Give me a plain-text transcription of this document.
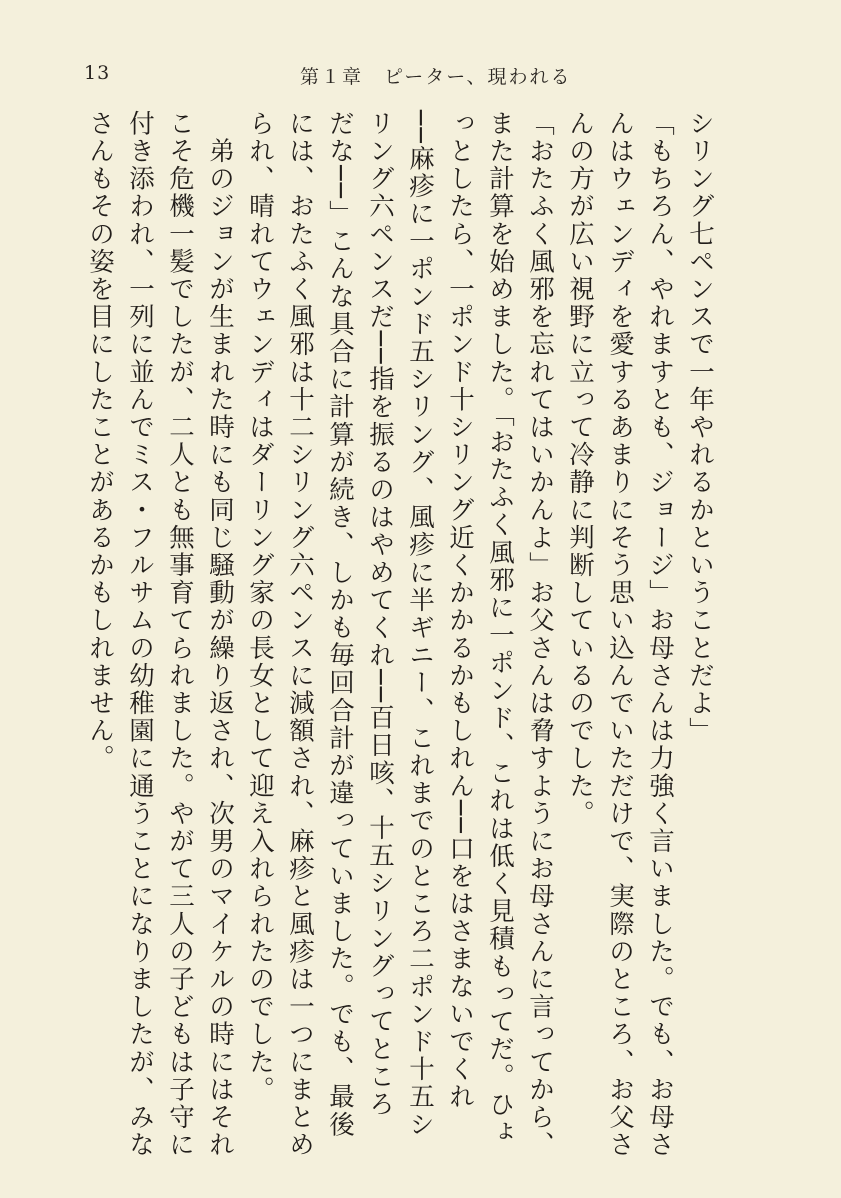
13	第１章　ピーター、現われる
シリング七ペンスで一年やれるかということだよ」
「もちろん、やれますとも、ジョージ」お母さんは力強く言いました。でも、お母さ
んはウェンディを愛するあまりにそう思い込んでいただけで、実際のところ、お父さ
んの方が広い視野に立って冷静に判断しているのでした。
「おたふく風邪を忘れてはいかんよ」お父さんは脅すようにお母さんに言ってから、
また計算を始めました。「おたふく風邪に一ポンド、これは低く見積もってだ。ひょ
っとしたら、一ポンド十シリング近くかかるかもしれん──口をはさまないでくれ
──麻疹に一ポンド五シリング、風疹に半ギニー、これまでのところ二ポンド十五シ
リング六ペンスだ──指を振るのはやめてくれ──百日咳、十五シリングってところ
だな──」こんな具合に計算が続き、しかも毎回合計が違っていました。でも、最後
には、おたふく風邪は十二シリング六ペンスに減額され、麻疹と風疹は一つにまとめ
られ、晴れてウェンディはダーリング家の長女として迎え入れられたのでした。
　弟のジョンが生まれた時にも同じ騒動が繰り返され、次男のマイケルの時にはそれ
こそ危機一髪でしたが、二人とも無事育てられました。やがて三人の子どもは子守に
付き添われ、一列に並んでミス・フルサムの幼稚園に通うことになりましたが、みな
さんもその姿を目にしたことがあるかもしれません。
